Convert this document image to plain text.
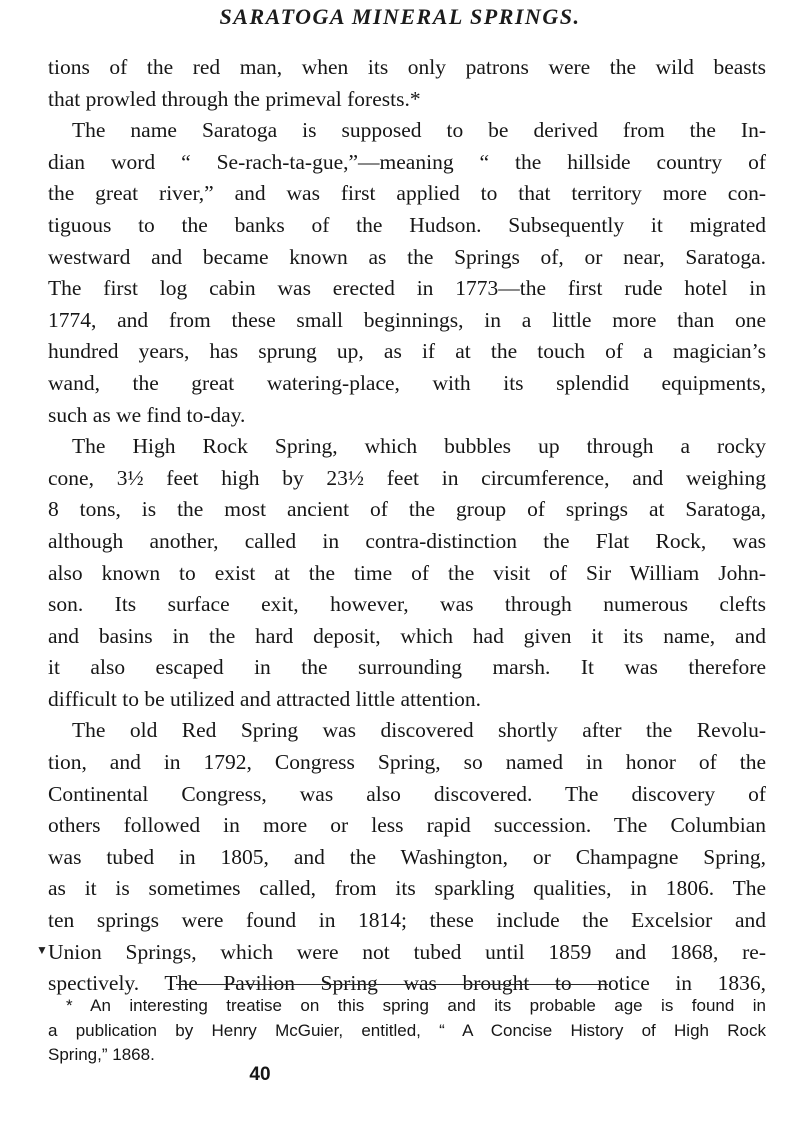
SARATOGA MINERAL SPRINGS.
tions of the red man, when its only patrons were the wild beasts
that prowled through the primeval forests.*
The name Saratoga is supposed to be derived from the In-
dian word “ Se-rach-ta-gue,”—meaning “ the hillside country of
the great river,” and was first applied to that territory more con-
tiguous to the banks of the Hudson. Subsequently it migrated
westward and became known as the Springs of, or near, Saratoga.
The first log cabin was erected in 1773—the first rude hotel in
1774, and from these small beginnings, in a little more than one
hundred years, has sprung up, as if at the touch of a magician’s
wand, the great watering-place, with its splendid equipments,
such as we find to-day.
The High Rock Spring, which bubbles up through a rocky
cone, 3½ feet high by 23½ feet in circumference, and weighing
8 tons, is the most ancient of the group of springs at Saratoga,
although another, called in contra-distinction the Flat Rock, was
also known to exist at the time of the visit of Sir William John-
son. Its surface exit, however, was through numerous clefts
and basins in the hard deposit, which had given it its name, and
it also escaped in the surrounding marsh. It was therefore
difficult to be utilized and attracted little attention.
The old Red Spring was discovered shortly after the Revolu-
tion, and in 1792, Congress Spring, so named in honor of the
Continental Congress, was also discovered. The discovery of
others followed in more or less rapid succession. The Columbian
was tubed in 1805, and the Washington, or Champagne Spring,
as it is sometimes called, from its sparkling qualities, in 1806. The
ten springs were found in 1814; these include the Excelsior and
Union Springs, which were not tubed until 1859 and 1868, re-
spectively. The Pavilion Spring was brought to notice in 1836,
▼
* An interesting treatise on this spring and its probable age is found in
a publication by Henry McGuier, entitled, “ A Concise History of High Rock
Spring,” 1868.
40
